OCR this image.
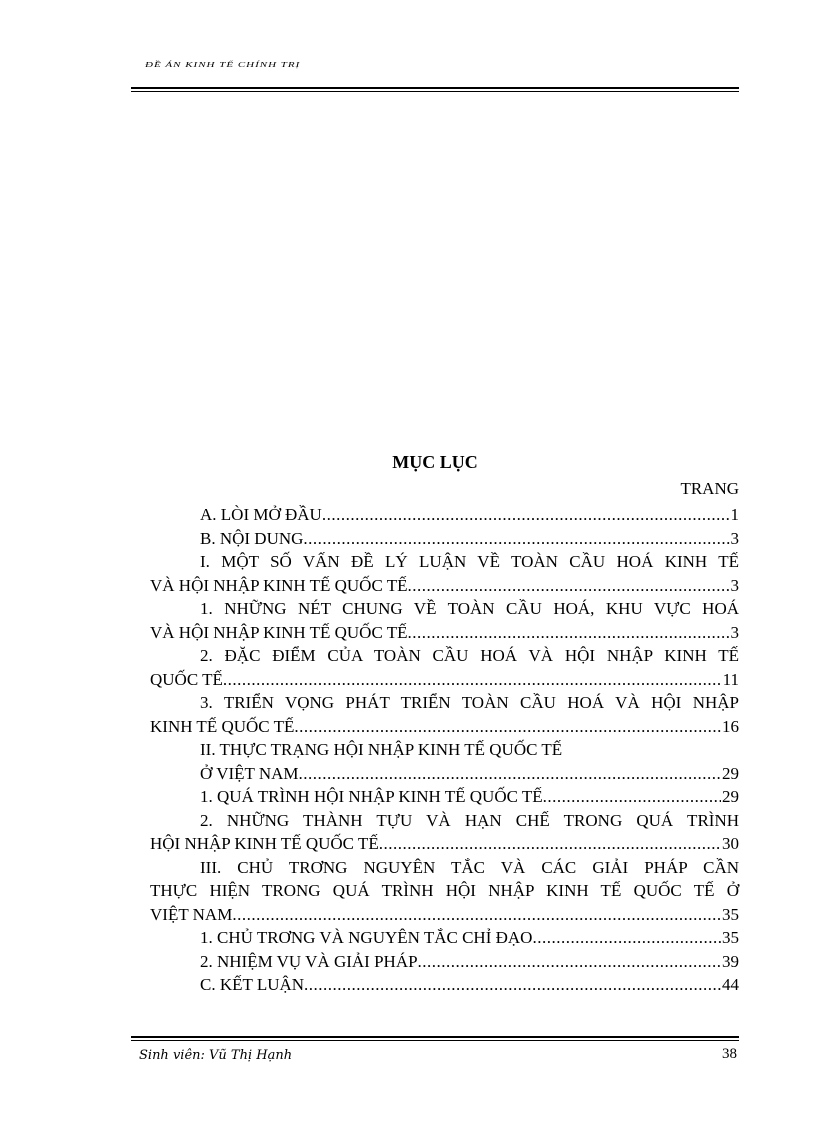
ĐỀ ÁN KINH TẾ CHÍNH TRỊ
MỤC LỤC
TRANG
A. LÒI MỞ ĐẦU .....	1
B. NỘI DUNG .....	3
I. MỘT SỐ VẤN ĐỀ LÝ LUẬN VỀ TOÀN CẦU HOÁ KINH TẾ
VÀ HỘI NHẬP KINH TẾ QUỐC TẾ .....	3
1. NHỮNG NÉT CHUNG VỀ TOÀN CẦU HOÁ, KHU VỰC HOÁ
VÀ HỘI NHẬP KINH TẾ QUỐC TẾ .....	3
2. ĐẶC ĐIỂM CỦA TOÀN CẦU HOÁ VÀ HỘI NHẬP KINH TẾ
QUỐC TẾ .....	11
3. TRIỂN VỌNG PHÁT TRIỂN TOÀN CẦU HOÁ VÀ HỘI NHẬP
KINH TẾ QUỐC TẾ .....	16
II. THỰC TRẠNG HỘI NHẬP KINH TẾ QUỐC TẾ
Ở VIỆT NAM .....	29
1. QUÁ TRÌNH HỘI NHẬP KINH TẾ QUỐC TẾ .....	29
2. NHỮNG THÀNH TỰU VÀ HẠN CHẾ TRONG QUÁ TRÌNH
HỘI NHẬP KINH TẾ QUỐC TẾ .....	30
III. CHỦ TRƠNG NGUYÊN TẮC VÀ CÁC GIẢI PHÁP CẦN
THỰC HIỆN TRONG QUÁ TRÌNH HỘI NHẬP KINH TẾ QUỐC TẾ Ở
VIỆT NAM .....	35
1. CHỦ TRƠNG VÀ NGUYÊN TẮC CHỈ ĐẠO .....	35
2. NHIỆM VỤ VÀ GIẢI PHÁP .....	39
C. KẾT LUẬN .....	44
Sinh viên: Vũ Thị Hạnh	38
